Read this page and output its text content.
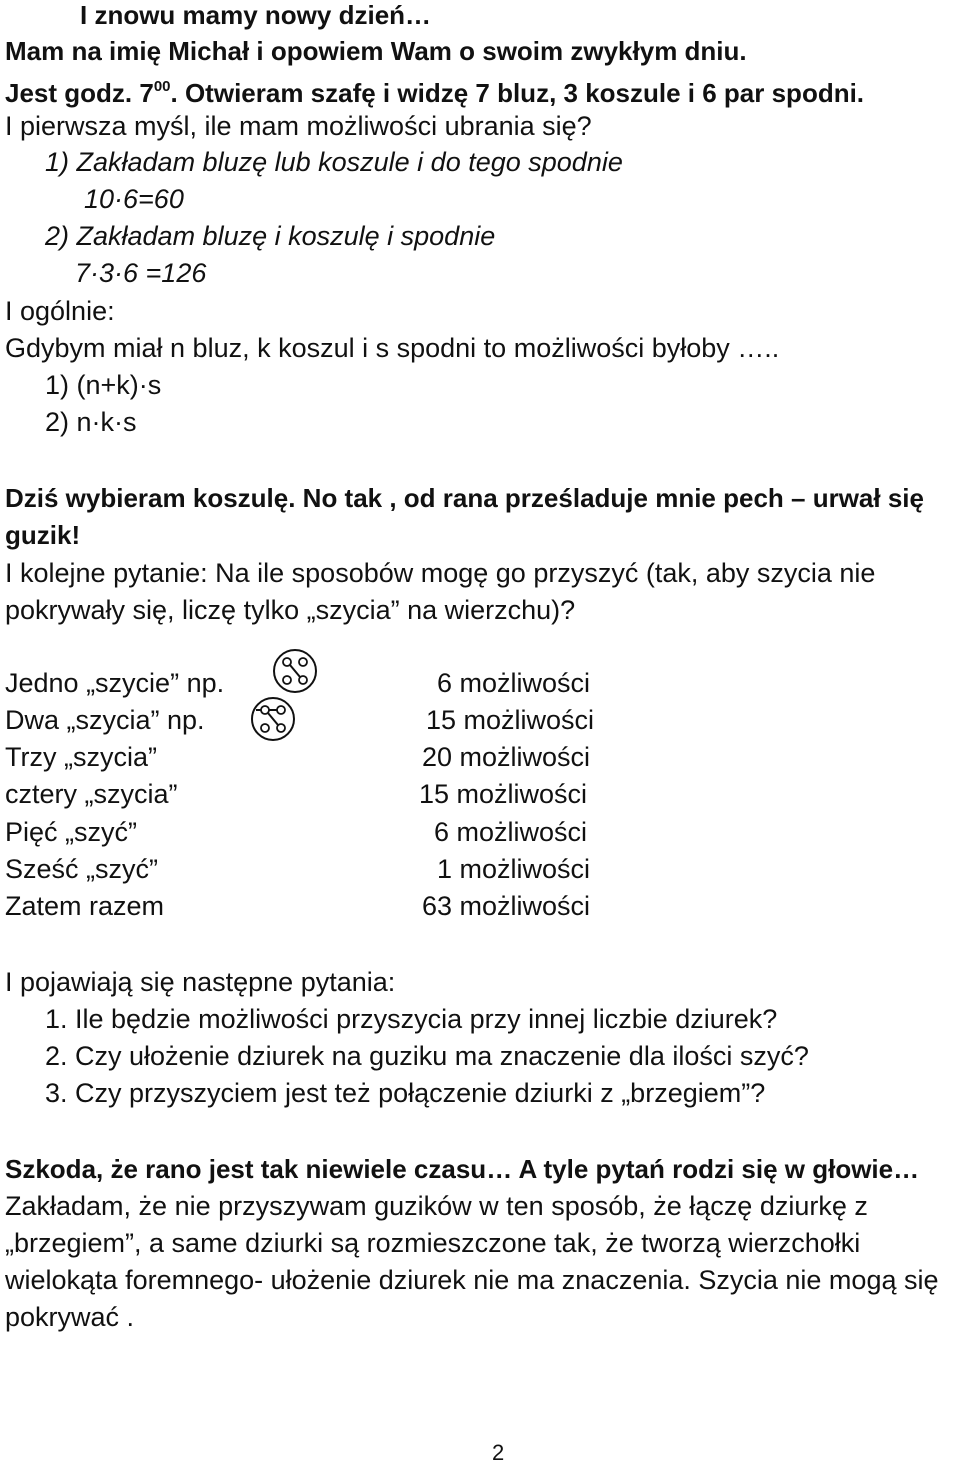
I znowu mamy nowy dzień…
Mam na imię Michał i opowiem Wam o swoim zwykłym dniu.
Jest godz. $7^{00}$. Otwieram szafę i widzę 7 bluz, 3 koszule i 6 par spodni.
I pierwsza myśl, ile mam możliwości ubrania się?
1) Zakładam bluzę lub koszule i do tego spodnie
10·6=60
2) Zakładam bluzę i koszulę i spodnie
7·3·6 =126
I ogólnie:
Gdybym miał n bluz, k koszul i s spodni to możliwości byłoby …..
1) (n+k)·s
2) n·k·s
Dziś wybieram koszulę. No tak , od rana prześladuje mnie pech – urwał się
guzik!
I kolejne pytanie: Na ile sposobów mogę go przyszyć (tak, aby szycia nie
pokrywały się, liczę tylko „szycia” na wierzchu)?
Jedno „szycie” np.	6 możliwości
Dwa „szycia” np.	15 możliwości
Trzy „szycia”	20 możliwości
cztery „szycia”	15 możliwości
Pięć „szyć”	6 możliwości
Sześć „szyć”	1 możliwości
Zatem razem	63 możliwości
I pojawiają się następne pytania:
1. Ile będzie możliwości przyszycia przy innej liczbie dziurek?
2. Czy ułożenie dziurek na guziku ma znaczenie dla ilości szyć?
3. Czy przyszyciem jest też połączenie dziurki z „brzegiem”?
Szkoda, że rano jest tak niewiele czasu… A tyle pytań rodzi się w głowie…
Zakładam, że nie przyszywam guzików w ten sposób, że łączę dziurkę z
„brzegiem”, a same dziurki są rozmieszczone tak, że tworzą wierzchołki
wielokąta foremnego- ułożenie dziurek nie ma znaczenia. Szycia nie mogą się
pokrywać .
2
